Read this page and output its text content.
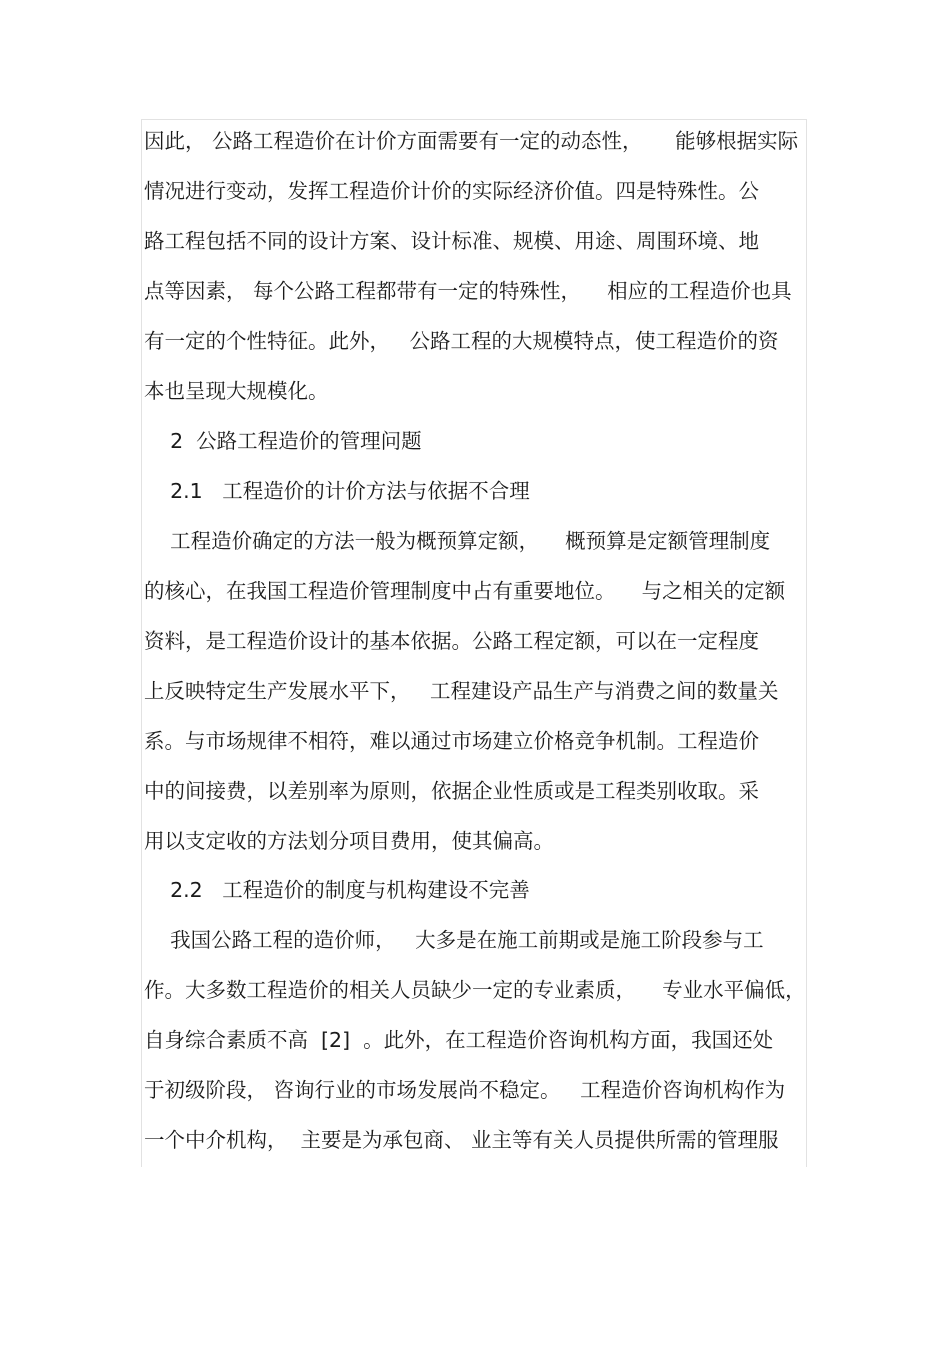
因此， 公路工程造价在计价方面需要有一定的动态性，     能够根据实际
情况进行变动，发挥工程造价计价的实际经济价值。四是特殊性。公
路工程包括不同的设计方案、设计标准、规模、用途、周围环境、地
点等因素， 每个公路工程都带有一定的特殊性，    相应的工程造价也具
有一定的个性特征。此外，   公路工程的大规模特点，使工程造价的资
本也呈现大规模化。
2  公路工程造价的管理问题
2.1   工程造价的计价方法与依据不合理
工程造价确定的方法一般为概预算定额，    概预算是定额管理制度
的核心，在我国工程造价管理制度中占有重要地位。    与之相关的定额
资料，是工程造价设计的基本依据。公路工程定额，可以在一定程度
上反映特定生产发展水平下，   工程建设产品生产与消费之间的数量关
系。与市场规律不相符，难以通过市场建立价格竞争机制。工程造价
中的间接费，以差别率为原则，依据企业性质或是工程类别收取。采
用以支定收的方法划分项目费用，使其偏高。
2.2   工程造价的制度与机构建设不完善
我国公路工程的造价师，   大多是在施工前期或是施工阶段参与工
作。大多数工程造价的相关人员缺少一定的专业素质，    专业水平偏低，
自身综合素质不高  [2]  。此外，在工程造价咨询机构方面，我国还处
于初级阶段， 咨询行业的市场发展尚不稳定。   工程造价咨询机构作为
一个中介机构，  主要是为承包商、 业主等有关人员提供所需的管理服
